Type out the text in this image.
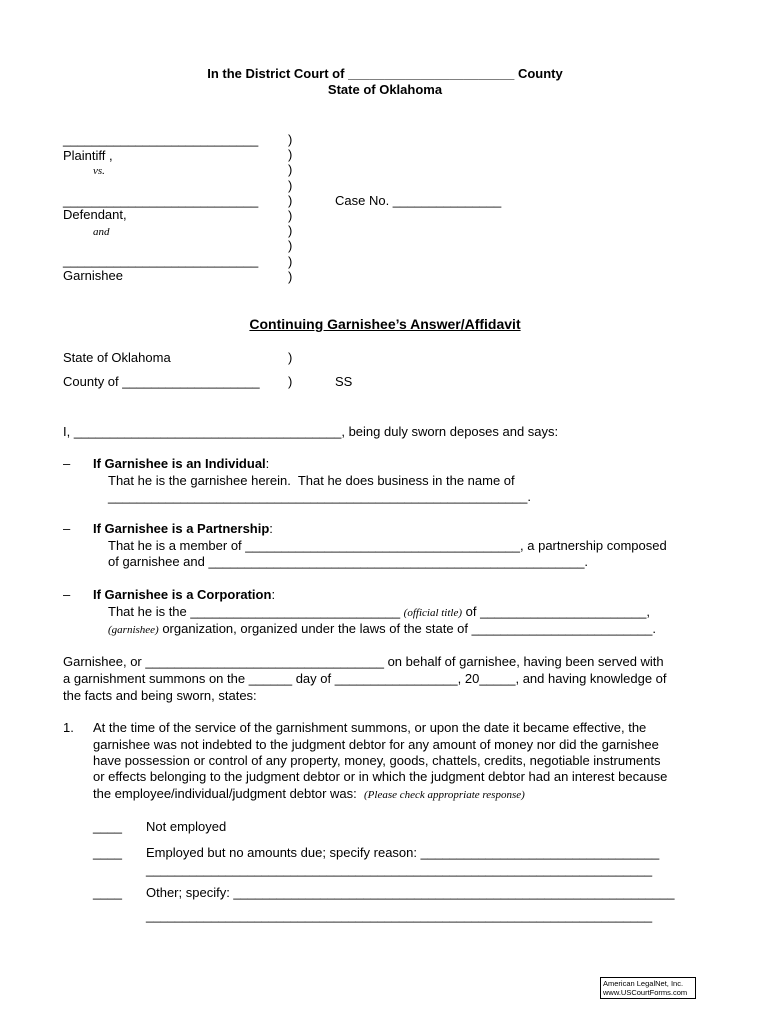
In the District Court of _______________________ County
State of Oklahoma
___________________________
Plaintiff ,
vs.
___________________________
Defendant,
and
___________________________
Garnishee
)
)
)
)
)
)
)
)
)
)
Case No. _______________
Continuing Garnishee’s Answer/Affidavit
State of Oklahoma	)
County of ___________________ )	SS
I, _____________________________________, being duly sworn deposes and says:
– If Garnishee is an Individual:
That he is the garnishee herein.  That he does business in the name of
__________________________________________________________.
– If Garnishee is a Partnership:
That he is a member of ______________________________________, a partnership composed
of garnishee and ____________________________________________________.
– If Garnishee is a Corporation:
That he is the _____________________________ (official title) of _______________________,
(garnishee) organization, organized under the laws of the state of _________________________.
Garnishee, or _________________________________ on behalf of garnishee, having been served with
a garnishment summons on the ______ day of _________________, 20_____, and having knowledge of
the facts and being sworn, states:
1. At the time of the service of the garnishment summons, or upon the date it became effective, the
garnishee was not indebted to the judgment debtor for any amount of money nor did the garnishee
have possession or control of any property, money, goods, chattels, credits, negotiable instruments
or effects belonging to the judgment debtor or in which the judgment debtor had an interest because
the employee/individual/judgment debtor was:  (Please check appropriate response)
____ Not employed
____ Employed but no amounts due; specify reason: _________________________________
______________________________________________________________________
____ Other; specify: _____________________________________________________________
______________________________________________________________________
American LegalNet, Inc.
www.USCourtForms.com
